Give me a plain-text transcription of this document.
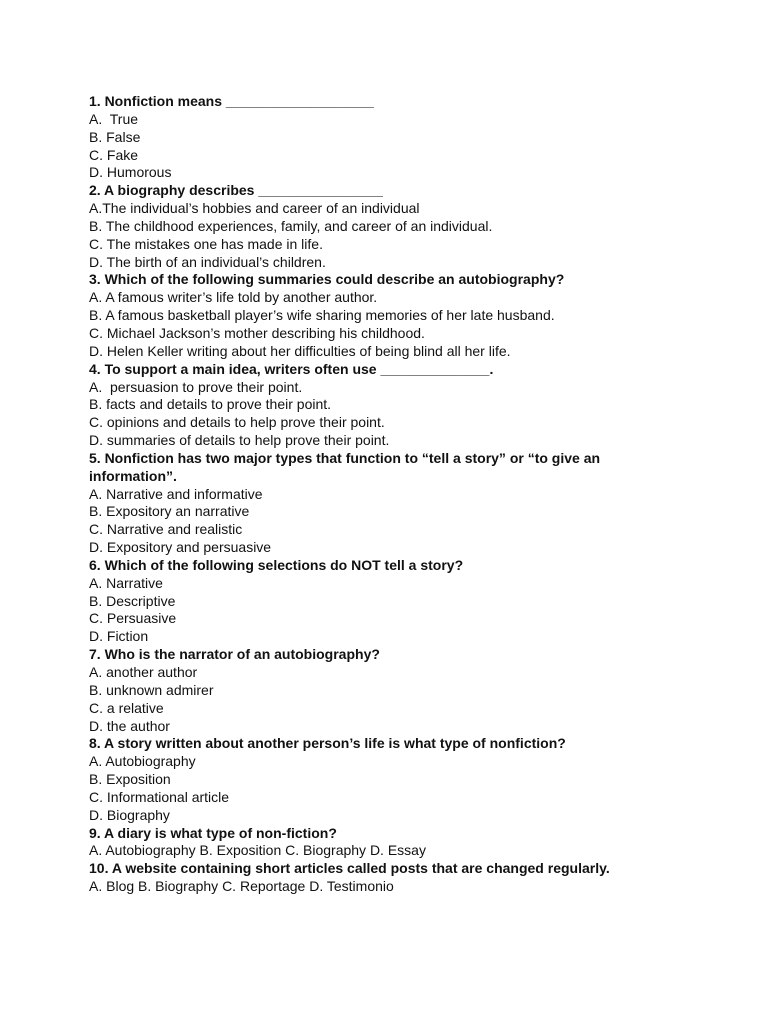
1. Nonfiction means ___________________

A.  True

B. False

C. Fake

D. Humorous

2. A biography describes ________________

A.The individual’s hobbies and career of an individual

B. The childhood experiences, family, and career of an individual.

C. The mistakes one has made in life.

D. The birth of an individual’s children.

3. Which of the following summaries could describe an autobiography?

A. A famous writer’s life told by another author.

B. A famous basketball player’s wife sharing memories of her late husband.

C. Michael Jackson’s mother describing his childhood.

D. Helen Keller writing about her difficulties of being blind all her life.

4. To support a main idea, writers often use ______________.

A.  persuasion to prove their point.

B. facts and details to prove their point.

C. opinions and details to help prove their point.

D. summaries of details to help prove their point.

5. Nonfiction has two major types that function to “tell a story” or “to give an information”.

A. Narrative and informative

B. Expository an narrative

C. Narrative and realistic

D. Expository and persuasive

6. Which of the following selections do NOT tell a story?

A. Narrative

B. Descriptive

C. Persuasive

D. Fiction

7. Who is the narrator of an autobiography?

A. another author

B. unknown admirer

C. a relative

D. the author

8. A story written about another person’s life is what type of nonfiction?

A. Autobiography

B. Exposition

C. Informational article

D. Biography

9. A diary is what type of non-fiction?

A. Autobiography B. Exposition C. Biography D. Essay

10. A website containing short articles called posts that are changed regularly.

A. Blog B. Biography C. Reportage D. Testimonio
